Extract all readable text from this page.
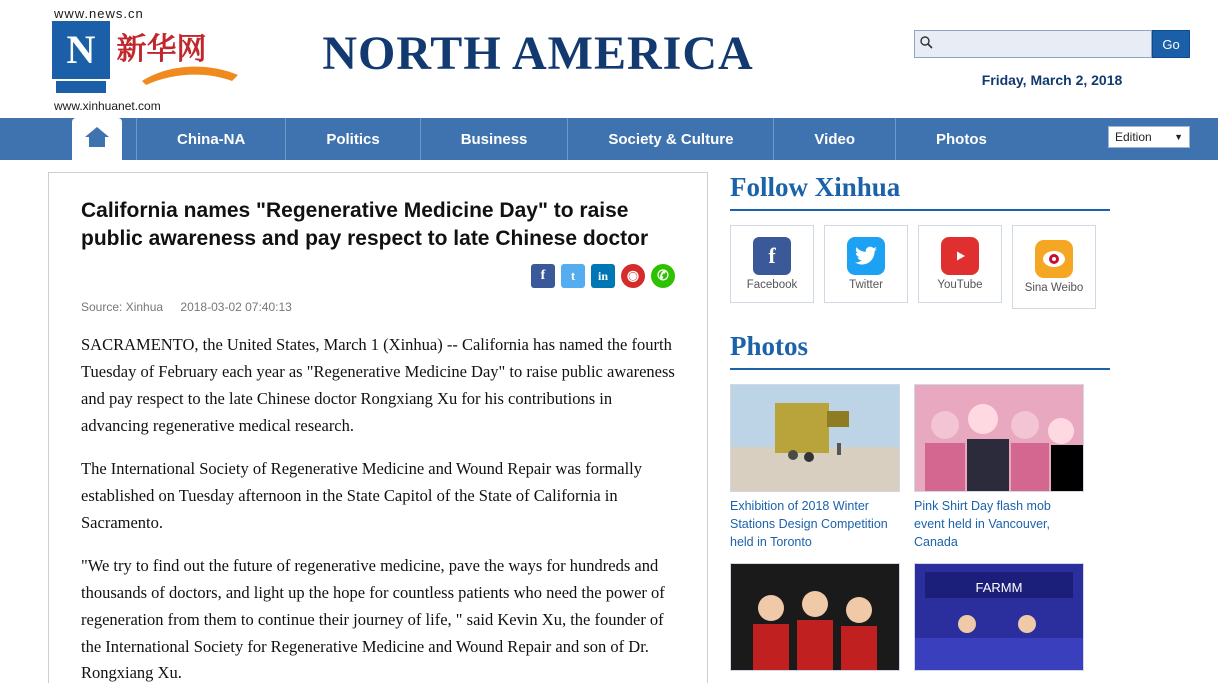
www.news.cn
N 新华网
www.xinhuanet.com
NORTH AMERICA	Go
Friday, March 2, 2018
China-NA	Politics	Business	Society & Culture	Video	Photos	Edition ▼
California names "Regenerative Medicine Day" to raise public awareness and pay respect to late Chinese doctor
f	t	in	◉	✆
Source: Xinhua 2018-03-02 07:40:13

SACRAMENTO, the United States, March 1 (Xinhua) -- California has named the fourth Tuesday of February each year as "Regenerative Medicine Day" to raise public awareness and pay respect to the late Chinese doctor Rongxiang Xu for his contributions in advancing regenerative medical research.

The International Society of Regenerative Medicine and Wound Repair was formally established on Tuesday afternoon in the State Capitol of the State of California in Sacramento.

"We try to find out the future of regenerative medicine, pave the ways for hundreds and thousands of doctors, and light up the hope for countless patients who need the power of regeneration from them to continue their journey of life, " said Kevin Xu, the founder of the International Society for Regenerative Medicine and Wound Repair and son of Dr. Rongxiang Xu.

Follow Xinhua
f
Facebook	Twitter	YouTube	Sina Weibo
Photos
Exhibition of 2018 Winter Stations Design Competition held in Toronto
Pink Shirt Day flash mob event held in Vancouver, Canada
FARMM
